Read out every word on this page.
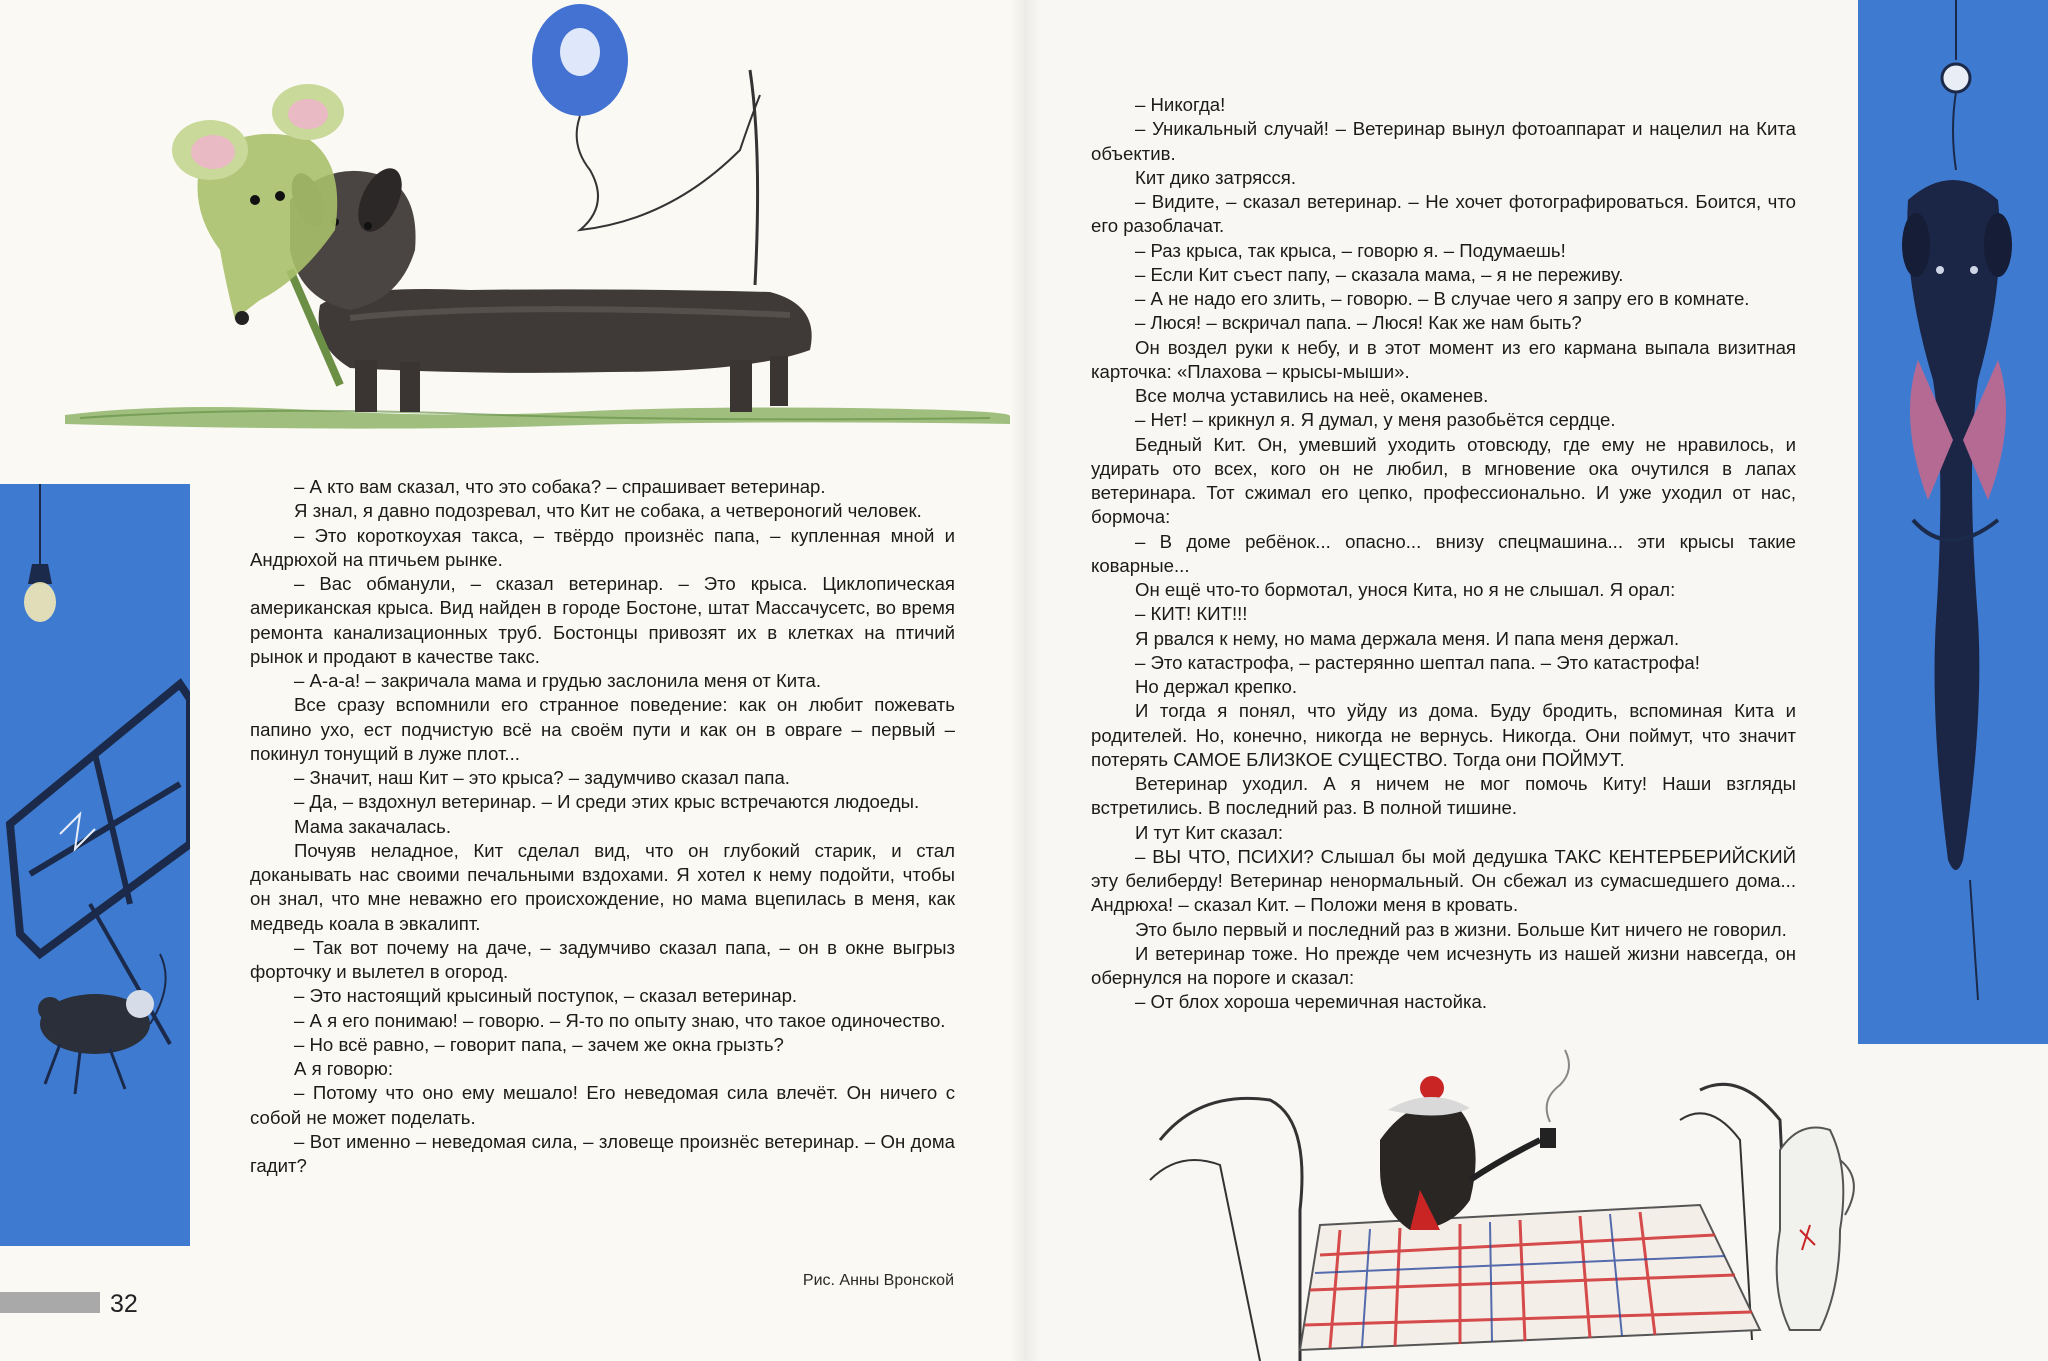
– А кто вам сказал, что это собака? – спрашивает ветеринар.

Я знал, я давно подозревал, что Кит не собака, а четвероногий человек.

– Это короткоухая такса, – твёрдо произнёс папа, – купленная мной и Андрюхой на птичьем рынке.

– Вас обманули, – сказал ветеринар. – Это крыса. Циклопическая американская крыса. Вид найден в городе Бостоне, штат Массачусетс, во время ремонта канализационных труб. Бостонцы привозят их в клетках на птичий рынок и продают в качестве такс.

– А-а-а! – закричала мама и грудью заслонила меня от Кита.

Все сразу вспомнили его странное поведение: как он любит пожевать папино ухо, ест подчистую всё на своём пути и как он в овраге – первый – покинул тонущий в луже плот...

– Значит, наш Кит – это крыса? – задумчиво сказал папа.

– Да, – вздохнул ветеринар. – И среди этих крыс встречаются людоеды.

Мама закачалась.

Почуяв неладное, Кит сделал вид, что он глубокий старик, и стал доканывать нас своими печальными вздохами. Я хотел к нему подойти, чтобы он знал, что мне неважно его происхождение, но мама вцепилась в меня, как медведь коала в эвкалипт.

– Так вот почему на даче, – задумчиво сказал папа, – он в окне выгрыз форточку и вылетел в огород.

– Это настоящий крысиный поступок, – сказал ветеринар.

– А я его понимаю! – говорю. – Я-то по опыту знаю, что такое одиночество.

– Но всё равно, – говорит папа, – зачем же окна грызть?

А я говорю:

– Потому что оно ему мешало! Его неведомая сила влечёт. Он ничего с собой не может поделать.

– Вот именно – неведомая сила, – зловеще произнёс ветеринар. – Он дома гадит?

– Никогда!

– Уникальный случай! – Ветеринар вынул фотоаппарат и нацелил на Кита объектив.

Кит дико затрясся.

– Видите, – сказал ветеринар. – Не хочет фотографироваться. Боится, что его разоблачат.

– Раз крыса, так крыса, – говорю я. – Подумаешь!

– Если Кит съест папу, – сказала мама, – я не переживу.

– А не надо его злить, – говорю. – В случае чего я запру его в комнате.

– Люся! – вскричал папа. – Люся! Как же нам быть?

Он воздел руки к небу, и в этот момент из его кармана выпала визитная карточка: «Плахова – крысы-мыши».

Все молча уставились на неё, окаменев.

– Нет! – крикнул я. Я думал, у меня разобьётся сердце.

Бедный Кит. Он, умевший уходить отовсюду, где ему не нравилось, и удирать ото всех, кого он не любил, в мгновение ока очутился в лапах ветеринара. Тот сжимал его цепко, профессионально. И уже уходил от нас, бормоча:

– В доме ребёнок... опасно... внизу спецмашина... эти крысы такие коварные...

Он ещё что-то бормотал, унося Кита, но я не слышал. Я орал:

– КИТ! КИТ!!!

Я рвался к нему, но мама держала меня. И папа меня держал.

– Это катастрофа, – растерянно шептал папа. – Это катастрофа!

Но держал крепко.

И тогда я понял, что уйду из дома. Буду бродить, вспоминая Кита и родителей. Но, конечно, никогда не вернусь. Никогда. Они поймут, что значит потерять САМОЕ БЛИЗКОЕ СУЩЕСТВО. Тогда они ПОЙМУТ.

Ветеринар уходил. А я ничем не мог помочь Киту! Наши взгляды встретились. В последний раз. В полной тишине.

И тут Кит сказал:

– ВЫ ЧТО, ПСИХИ? Слышал бы мой дедушка ТАКС КЕНТЕРБЕРИЙСКИЙ эту белиберду! Ветеринар ненормальный. Он сбежал из сумасшедшего дома... Андрюха! – сказал Кит. – Положи меня в кровать.

Это было первый и последний раз в жизни. Больше Кит ничего не говорил.

И ветеринар тоже. Но прежде чем исчезнуть из нашей жизни навсегда, он обернулся на пороге и сказал:

– От блох хороша черемичная настойка.

Рис. Анны Вронской
32
